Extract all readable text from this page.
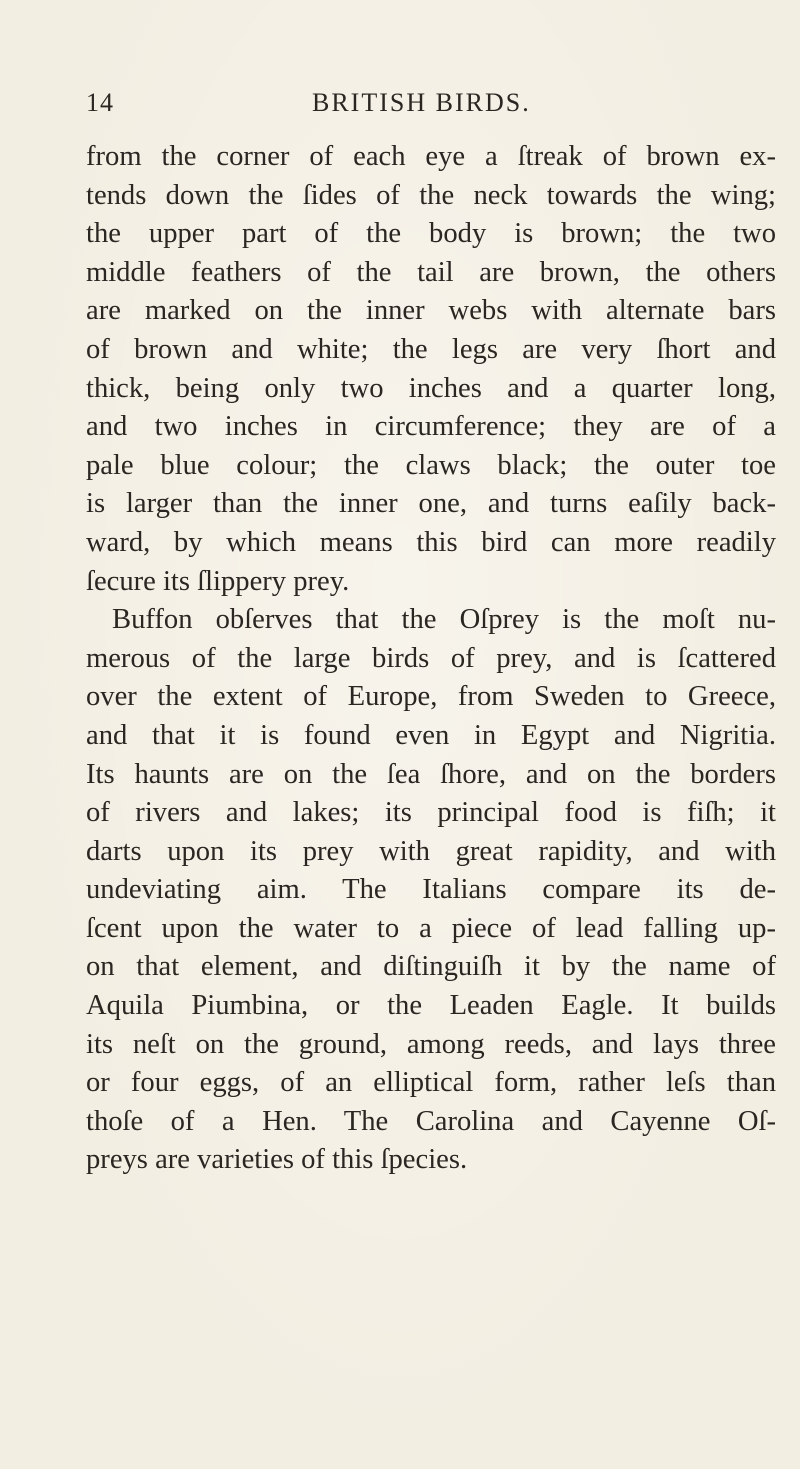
14	BRITISH BIRDS.
from the corner of each eye a ſtreak of brown ex-
tends down the ſides of the neck towards the wing;
the upper part of the body is brown; the two
middle feathers of the tail are brown, the others
are marked on the inner webs with alternate bars
of brown and white; the legs are very ſhort and
thick, being only two inches and a quarter long,
and two inches in circumference; they are of a
pale blue colour; the claws black; the outer toe
is larger than the inner one, and turns eaſily back-
ward, by which means this bird can more readily
ſecure its ſlippery prey.
Buffon obſerves that the Oſprey is the moſt nu-
merous of the large birds of prey, and is ſcattered
over the extent of Europe, from Sweden to Greece,
and that it is found even in Egypt and Nigritia.
Its haunts are on the ſea ſhore, and on the borders
of rivers and lakes; its principal food is fiſh; it
darts upon its prey with great rapidity, and with
undeviating aim. The Italians compare its de-
ſcent upon the water to a piece of lead falling up-
on that element, and diſtinguiſh it by the name of
Aquila Piumbina, or the Leaden Eagle. It builds
its neſt on the ground, among reeds, and lays three
or four eggs, of an elliptical form, rather leſs than
thoſe of a Hen. The Carolina and Cayenne Oſ-
preys are varieties of this ſpecies.
